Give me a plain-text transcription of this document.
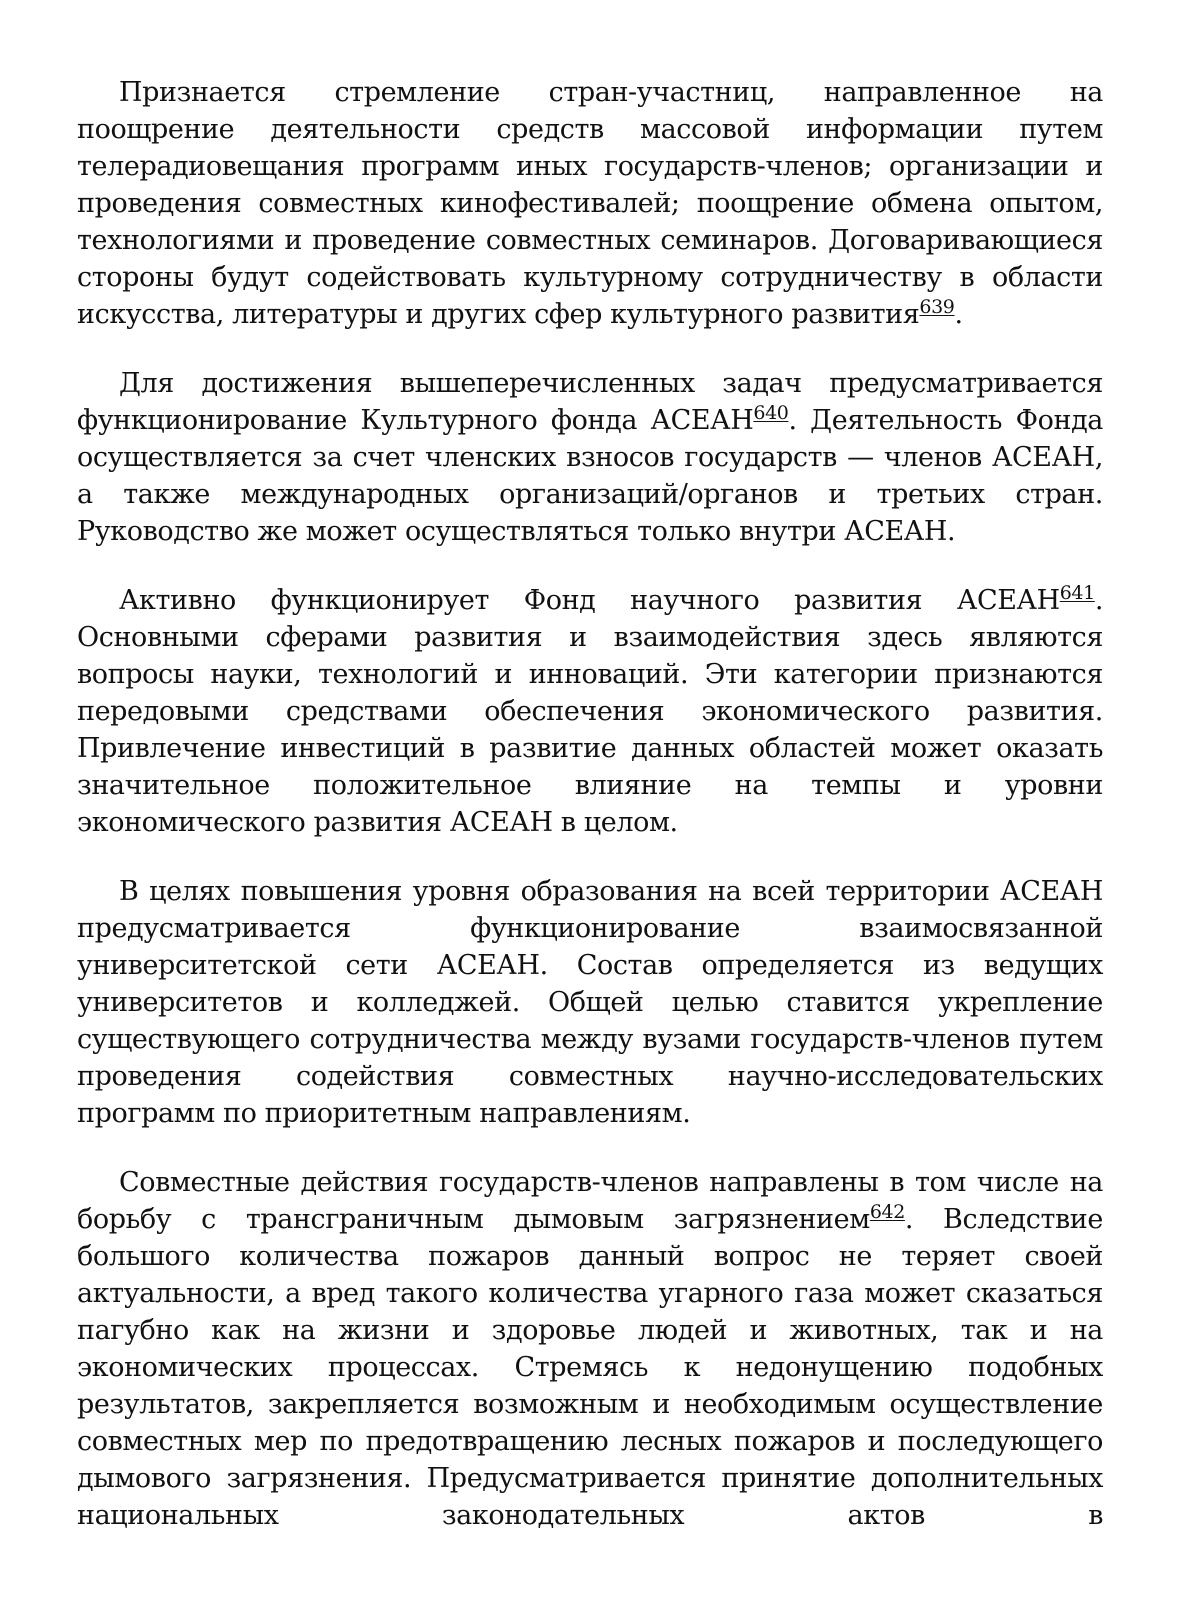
Признается стремление стран-участниц, направленное на поощрение деятельности средств массовой информации путем телерадиовещания программ иных государств-членов; организации и проведения совместных кинофестивалей; поощрение обмена опытом, технологиями и проведение совместных семинаров. Договаривающиеся стороны будут содействовать культурному сотрудничеству в области искусства, литературы и других сфер культурного развития$^{639}$.

Для достижения вышеперечисленных задач предусматривается функционирование Культурного фонда АСЕАН$^{640}$. Деятельность Фонда осуществляется за счет членских взносов государств — членов АСЕАН, а также международных организаций/органов и третьих стран. Руководство же может осуществляться только внутри АСЕАН.

Активно функционирует Фонд научного развития АСЕАН$^{641}$. Основными сферами развития и взаимодействия здесь являются вопросы науки, технологий и инноваций. Эти категории признаются передовыми средствами обеспечения экономического развития. Привлечение инвестиций в развитие данных областей может оказать значительное положительное влияние на темпы и уровни экономического развития АСЕАН в целом.

В целях повышения уровня образования на всей территории АСЕАН предусматривается функционирование взаимосвязанной университетской сети АСЕАН. Состав определяется из ведущих университетов и колледжей. Общей целью ставится укрепление существующего сотрудничества между вузами государств-членов путем проведения содействия совместных научно-исследовательских программ по приоритетным направлениям.

Совместные действия государств-членов направлены в том числе на борьбу с трансграничным дымовым загрязнением$^{642}$. Вследствие большого количества пожаров данный вопрос не теряет своей актуальности, а вред такого количества угарного газа может сказаться пагубно как на жизни и здоровье людей и животных, так и на экономических процессах. Стремясь к недонущению подобных результатов, закрепляется возможным и необходимым осуществление совместных мер по предотвращению лесных пожаров и последующего дымового загрязнения. Предусматривается принятие дополнительных национальных законодательных актов в
